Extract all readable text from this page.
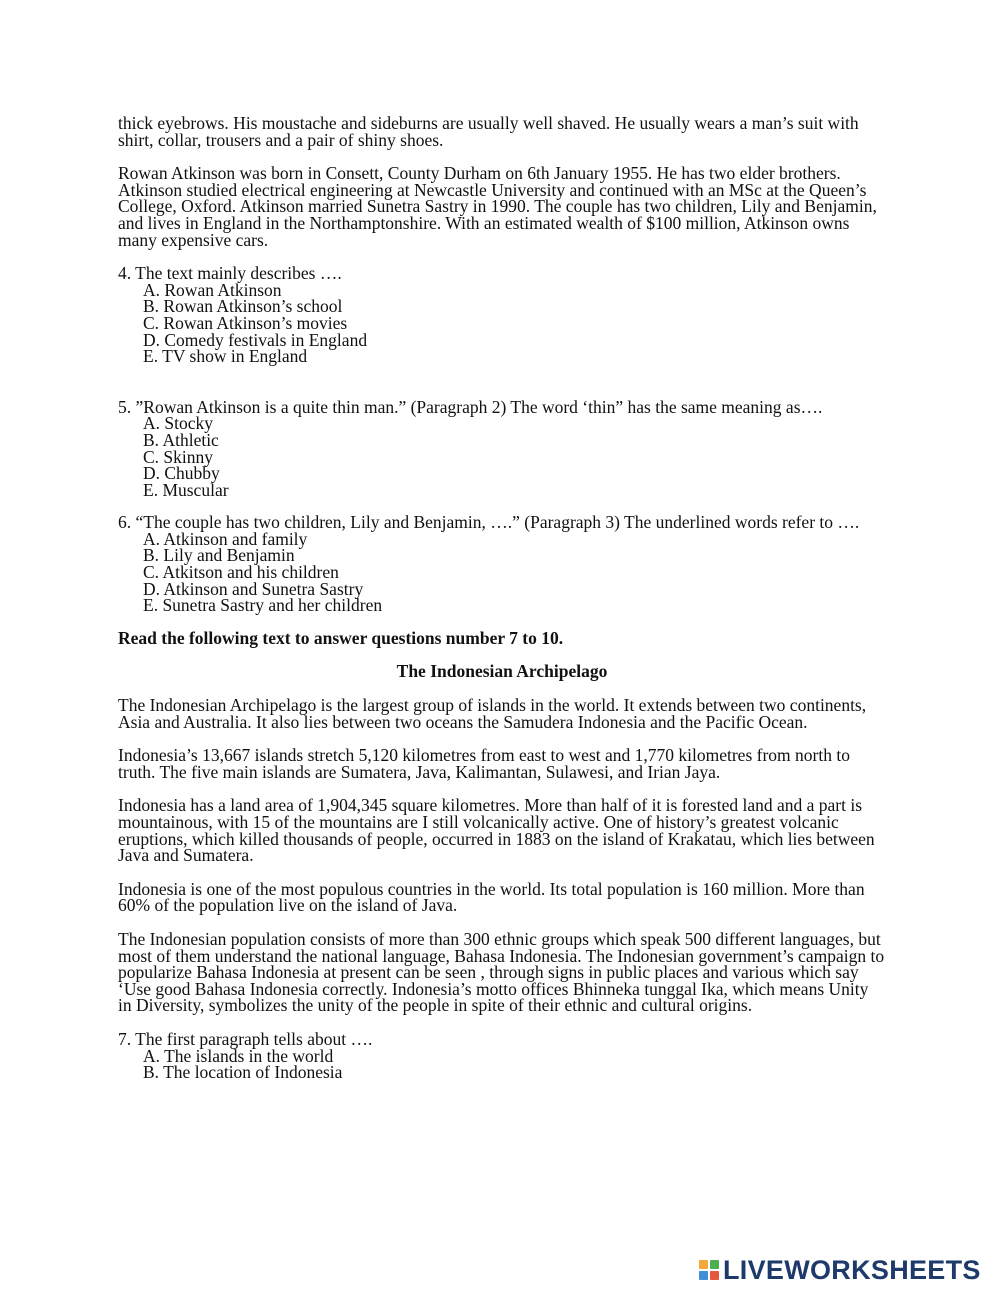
thick eyebrows. His moustache and sideburns are usually well shaved. He usually wears a man’s suit with shirt, collar, trousers and a pair of shiny shoes.

Rowan Atkinson was born in Consett, County Durham on 6th January 1955. He has two elder brothers. Atkinson studied electrical engineering at Newcastle University and continued with an MSc at the Queen’s College, Oxford. Atkinson married Sunetra Sastry in 1990. The couple has two children, Lily and Benjamin, and lives in England in the Northamptonshire. With an estimated wealth of $100 million, Atkinson owns many expensive cars.

4. The text mainly describes ….

A. Rowan Atkinson

B. Rowan Atkinson’s school

C. Rowan Atkinson’s movies

D. Comedy festivals in England

E. TV show in England

5. ”Rowan Atkinson is a quite thin man.” (Paragraph 2) The word ‘thin” has the same meaning as….

A. Stocky

B. Athletic

C. Skinny

D. Chubby

E. Muscular

6. “The couple has two children, Lily and Benjamin, ….” (Paragraph 3) The underlined words refer to ….

A. Atkinson and family

B. Lily and Benjamin

C. Atkitson and his children

D. Atkinson and Sunetra Sastry

E. Sunetra Sastry and her children

Read the following text to answer questions number 7 to 10.

The Indonesian Archipelago

The Indonesian Archipelago is the largest group of islands in the world. It extends between two continents, Asia and Australia. It also lies between two oceans the Samudera Indonesia and the Pacific Ocean.

Indonesia’s 13,667 islands stretch 5,120 kilometres from east to west and 1,770 kilometres from north to truth. The five main islands are Sumatera, Java, Kalimantan, Sulawesi, and Irian Jaya.

Indonesia has a land area of 1,904,345 square kilometres. More than half of it is forested land and a part is mountainous, with 15 of the mountains are I still volcanically active. One of history’s greatest volcanic eruptions, which killed thousands of people, occurred in 1883 on the island of Krakatau, which lies between Java and Sumatera.

Indonesia is one of the most populous countries in the world. Its total population is 160 million. More than 60% of the population live on the island of Java.

The Indonesian population consists of more than 300 ethnic groups which speak 500 different languages, but most of them understand the national language, Bahasa Indonesia. The Indonesian government’s campaign to popularize Bahasa Indonesia at present can be seen , through signs in public places and various which say ‘Use good Bahasa Indonesia correctly. Indonesia’s motto offices Bhinneka tunggal Ika, which means Unity in Diversity, symbolizes the unity of the people in spite of their ethnic and cultural origins.

7. The first paragraph tells about ….

A. The islands in the world

B. The location of Indonesia

LIVEWORKSHEETS
